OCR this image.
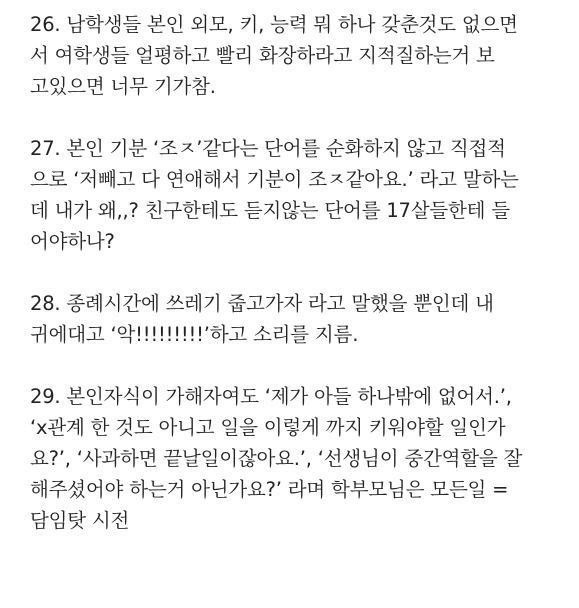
26. 남학생들 본인 외모, 키, 능력 뭐 하나 갖춘것도 없으면
서 여학생들 얼평하고 빨리 화장하라고 지적질하는거 보
고있으면 너무 기가참.
27. 본인 기분 ‘조ㅈ’같다는 단어를 순화하지 않고 직접적
으로 ‘저빼고 다 연애해서 기분이 조ㅈ같아요.’ 라고 말하는
데 내가 왜,,? 친구한테도 듣지않는 단어를 17살들한테 들
어야하나?
28. 종례시간에 쓰레기 줍고가자 라고 말했을 뿐인데 내
귀에대고 ‘악!!!!!!!!!’하고 소리를 지름.
29. 본인자식이 가해자여도 ‘제가 아들 하나밖에 없어서.’,
‘x관계 한 것도 아니고 일을 이렇게 까지 키워야할 일인가
요?’, ‘사과하면 끝날일이잖아요.’, ‘선생님이 중간역할을 잘
해주셨어야 하는거 아닌가요?’ 라며 학부모님은 모든일 =
담임탓 시전
